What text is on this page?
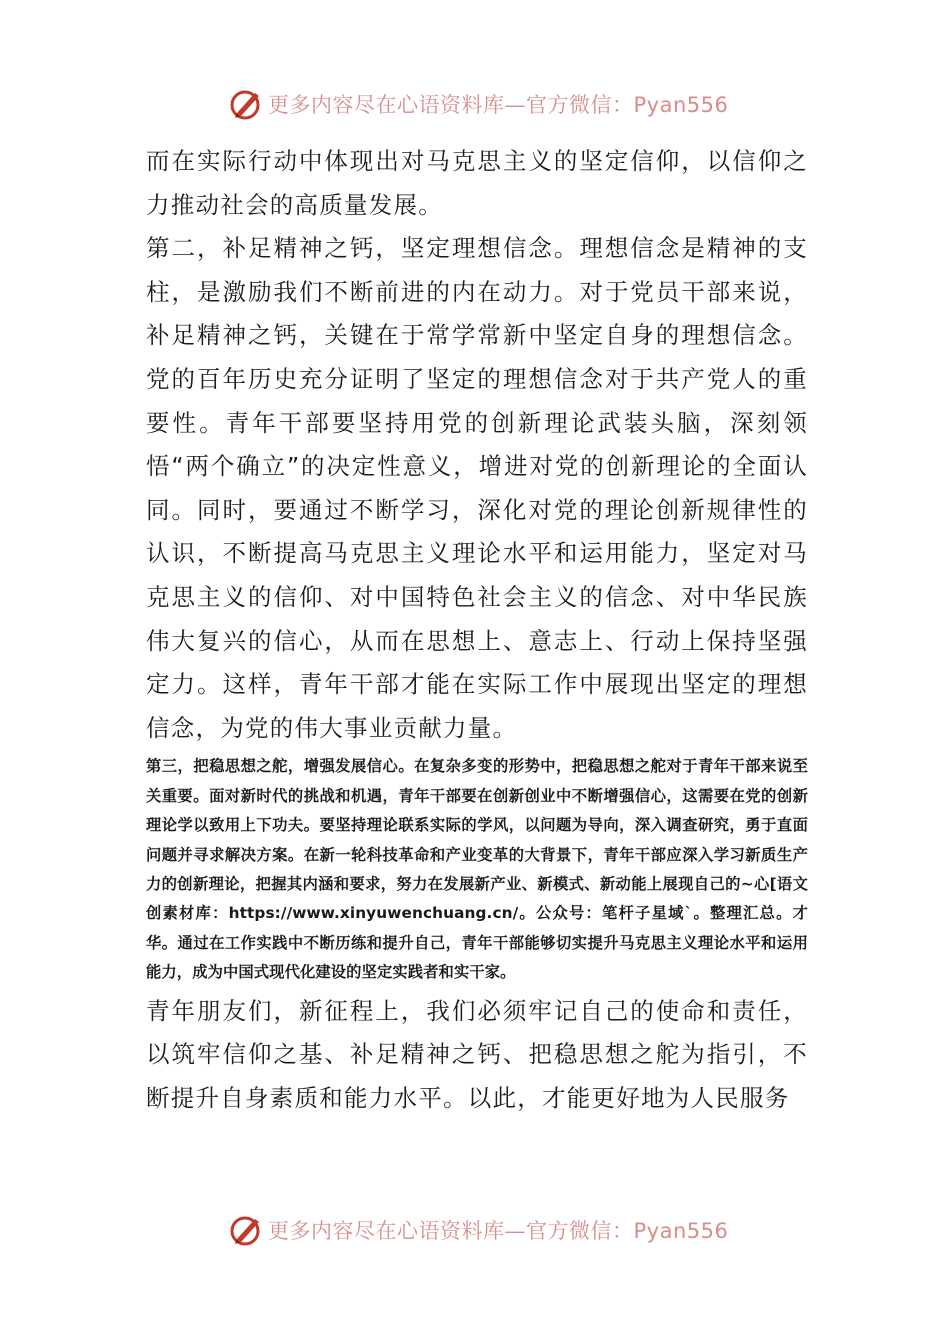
更多内容尽在心语资料库—官方微信：Pyan556

而在实际行动中体现出对马克思主义的坚定信仰，以信仰之力推动社会的高质量发展。

第二，补足精神之钙，坚定理想信念。理想信念是精神的支柱，是激励我们不断前进的内在动力。对于党员干部来说，补足精神之钙，关键在于常学常新中坚定自身的理想信念。党的百年历史充分证明了坚定的理想信念对于共产党人的重要性。青年干部要坚持用党的创新理论武装头脑，深刻领悟“两个确立”的决定性意义，增进对党的创新理论的全面认同。同时，要通过不断学习，深化对党的理论创新规律性的认识，不断提高马克思主义理论水平和运用能力，坚定对马克思主义的信仰、对中国特色社会主义的信念、对中华民族伟大复兴的信心，从而在思想上、意志上、行动上保持坚强定力。这样，青年干部才能在实际工作中展现出坚定的理想信念，为党的伟大事业贡献力量。

第三，把稳思想之舵，增强发展信心。在复杂多变的形势中，把稳思想之舵对于青年干部来说至关重要。面对新时代的挑战和机遇，青年干部要在创新创业中不断增强信心，这需要在党的创新理论学以致用上下功夫。要坚持理论联系实际的学风，以问题为导向，深入调查研究，勇于直面问题并寻求解决方案。在新一轮科技革命和产业变革的大背景下，青年干部应深入学习新质生产力的创新理论，把握其内涵和要求，努力在发展新产业、新模式、新动能上展现自己的~心[语文创素材库：https://www.xinyuwenchuang.cn/。公众号：笔杆子星域`。整理汇总。才华。通过在工作实践中不断历练和提升自己，青年干部能够切实提升马克思主义理论水平和运用能力，成为中国式现代化建设的坚定实践者和实干家。

青年朋友们，新征程上，我们必须牢记自己的使命和责任，以筑牢信仰之基、补足精神之钙、把稳思想之舵为指引，不断提升自身素质和能力水平。以此，才能更好地为人民服务

更多内容尽在心语资料库—官方微信：Pyan556
